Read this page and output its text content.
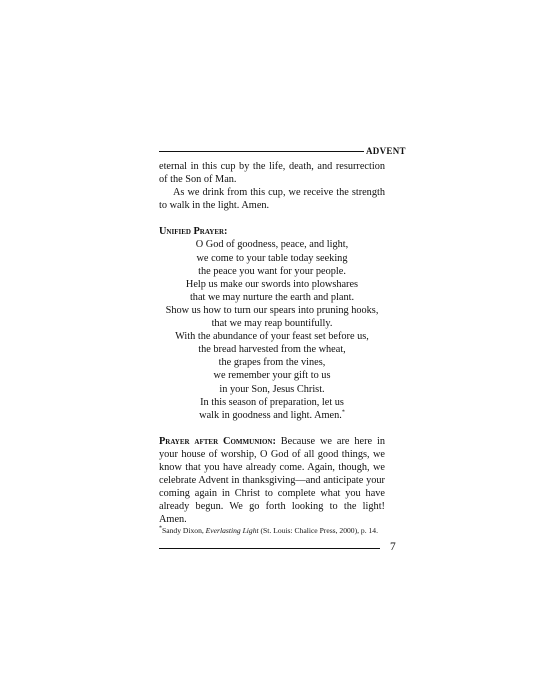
ADVENT

eternal in this cup by the life, death, and resurrection of the Son of Man.

As we drink from this cup, we receive the strength to walk in the light. Amen.

Unified Prayer:

O God of goodness, peace, and light,
we come to your table today seeking
the peace you want for your people.
Help us make our swords into plowshares
that we may nurture the earth and plant.
Show us how to turn our spears into pruning hooks,
that we may reap bountifully.
With the abundance of your feast set before us,
the bread harvested from the wheat,
the grapes from the vines,
we remember your gift to us
in your Son, Jesus Christ.
In this season of preparation, let us
walk in goodness and light. Amen.*

Prayer after Communion: Because we are here in your house of worship, O God of all good things, we know that you have already come. Again, though, we celebrate Advent in thanksgiving—and anticipate your coming again in Christ to complete what you have already begun. We go forth looking to the light! Amen.

*Sandy Dixon, Everlasting Light (St. Louis: Chalice Press, 2000), p. 14.
7
